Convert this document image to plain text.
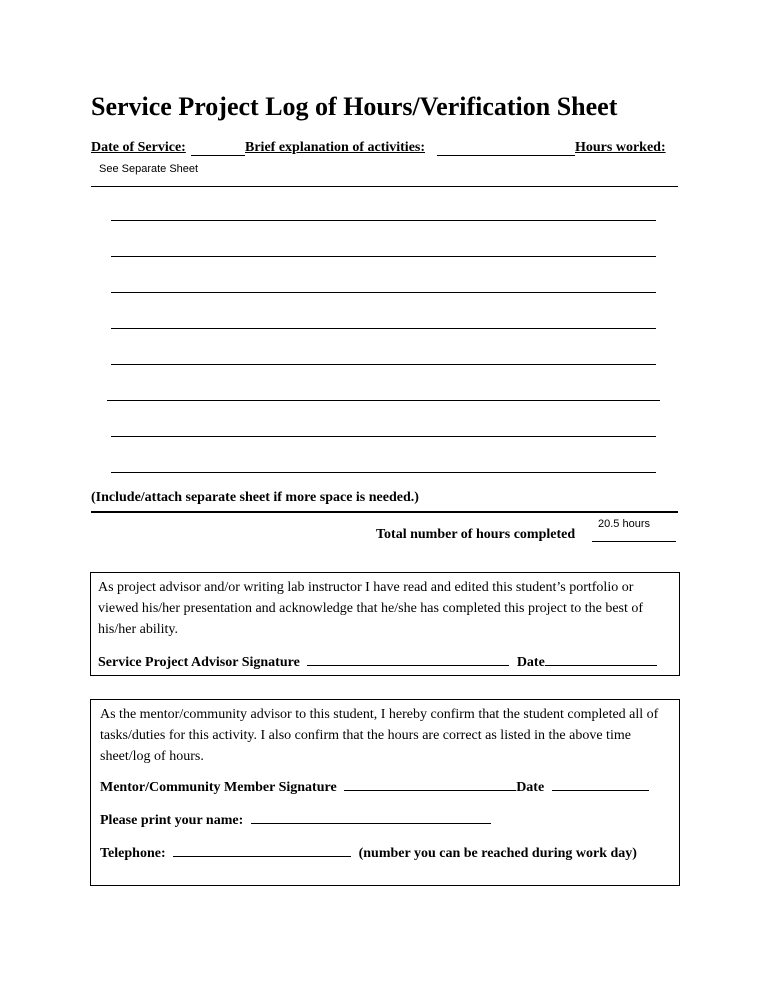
Service Project Log of Hours/Verification Sheet
Date of Service:	Brief explanation of activities:	Hours worked:
See Separate Sheet
(Include/attach separate sheet if more space is needed.)
20.5 hours
Total number of hours completed

As project advisor and/or writing lab instructor I have read and edited this student’s portfolio or viewed his/her presentation and acknowledge that he/she has completed this project to the best of his/her ability.

Service Project Advisor Signature	Date

As the mentor/community advisor to this student, I hereby confirm that the student completed all of tasks/duties for this activity. I also confirm that the hours are correct as listed in the above time sheet/log of hours.

Mentor/Community Member Signature	Date
Please print your name:
Telephone:	(number you can be reached during work day)
